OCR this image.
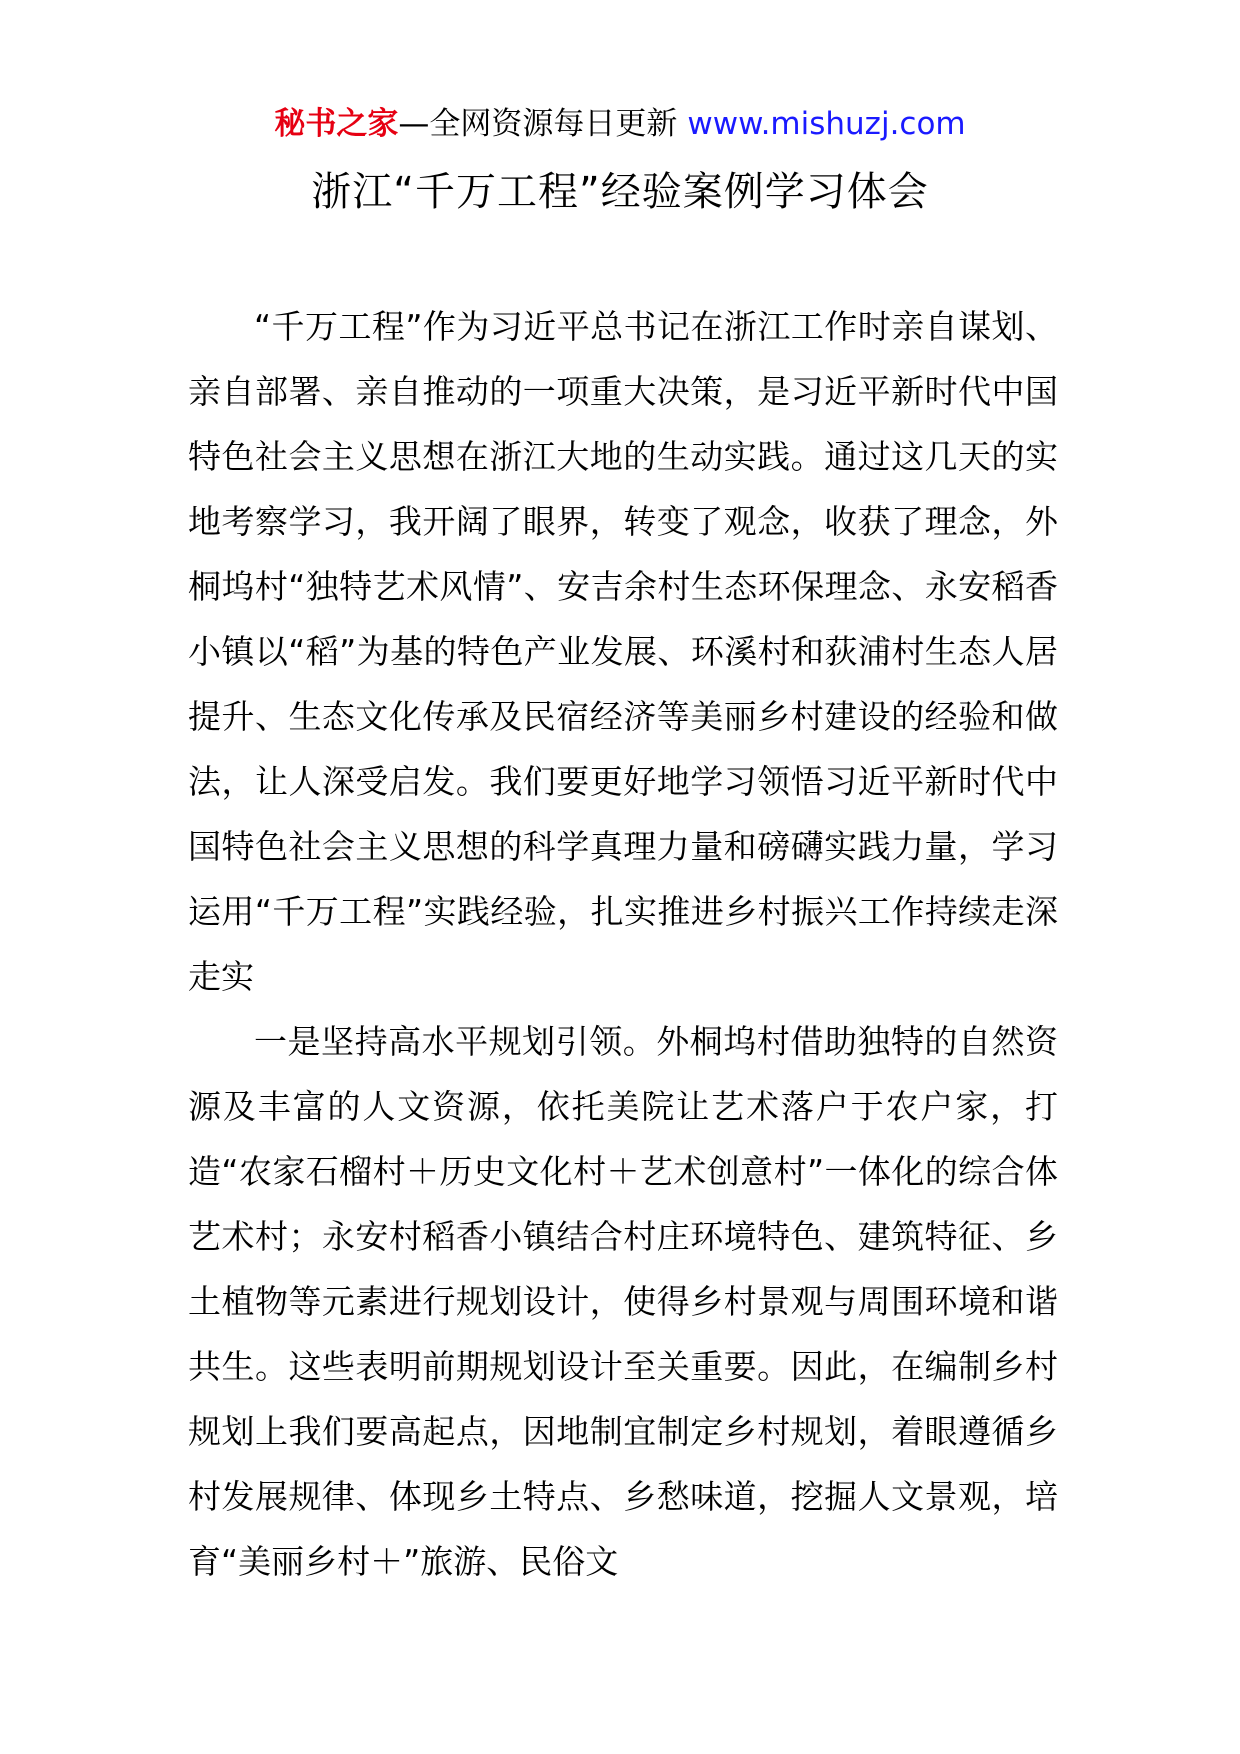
秘书之家—全网资源每日更新 www.mishuzj.com
浙江“千万工程”经验案例学习体会

“千万工程”作为习近平总书记在浙江工作时亲自谋划、亲自部署、亲自推动的一项重大决策，是习近平新时代中国特色社会主义思想在浙江大地的生动实践。通过这几天的实地考察学习，我开阔了眼界，转变了观念，收获了理念，外桐坞村“独特艺术风情”、安吉余村生态环保理念、永安稻香小镇以“稻”为基的特色产业发展、环溪村和荻浦村生态人居提升、生态文化传承及民宿经济等美丽乡村建设的经验和做法，让人深受启发。我们要更好地学习领悟习近平新时代中国特色社会主义思想的科学真理力量和磅礴实践力量，学习运用“千万工程”实践经验，扎实推进乡村振兴工作持续走深走实

一是坚持高水平规划引领。外桐坞村借助独特的自然资源及丰富的人文资源，依托美院让艺术落户于农户家，打造“农家石榴村＋历史文化村＋艺术创意村”一体化的综合体艺术村；永安村稻香小镇结合村庄环境特色、建筑特征、乡土植物等元素进行规划设计，使得乡村景观与周围环境和谐共生。这些表明前期规划设计至关重要。因此，在编制乡村规划上我们要高起点，因地制宜制定乡村规划，着眼遵循乡村发展规律、体现乡土特点、乡愁味道，挖掘人文景观，培育“美丽乡村＋”旅游、民俗文
